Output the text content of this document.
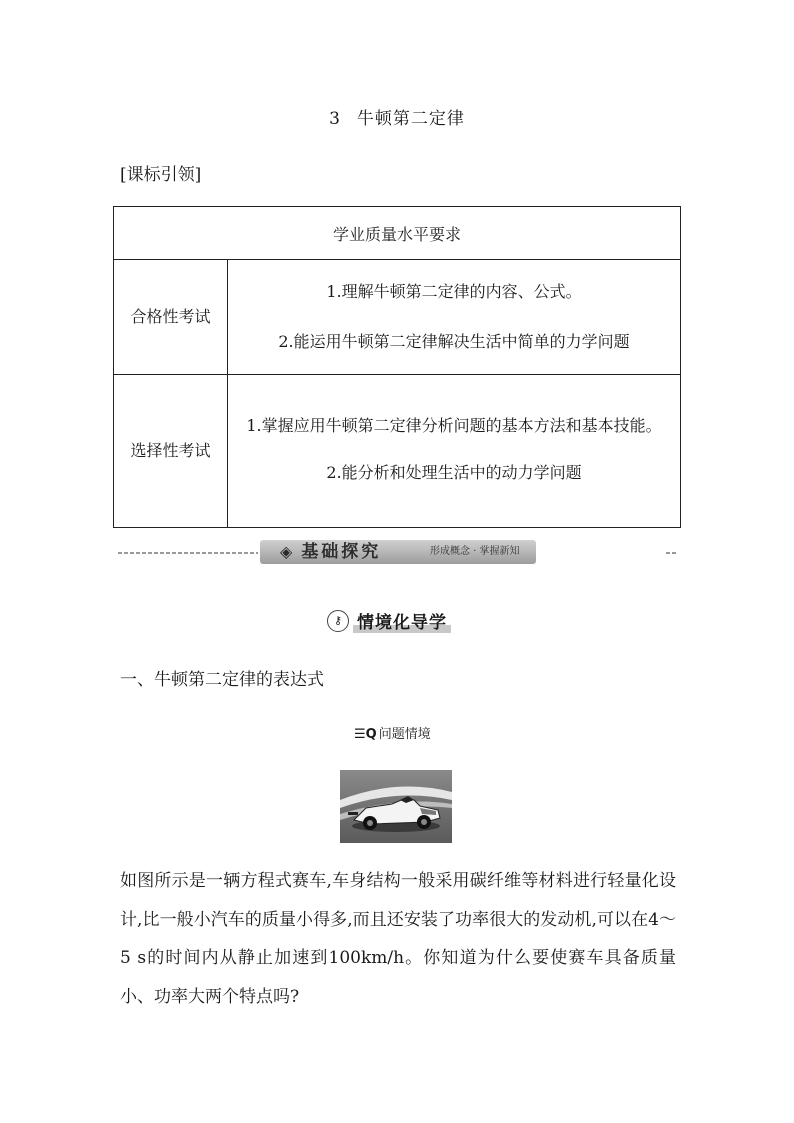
3 牛顿第二定律
[课标引领]
学业质量水平要求	
合格性考试	1.理解牛顿第二定律的内容、公式。
2.能运用牛顿第二定律解决生活中简单的力学问题

选择性考试	1.掌握应用牛顿第二定律分析问题的基本方法和基本技能。
2.能分析和处理生活中的动力学问题
◈ 基础探究	形成概念 · 掌握新知
⚷ 情境化导学
一、牛顿第二定律的表达式
☰Q 问题情境
如图所示是一辆方程式赛车,车身结构一般采用碳纤维等材料进行轻量化设计,比一般小汽车的质量小得多,而且还安装了功率很大的发动机,可以在4～5 s的时间内从静止加速到100km/h。你知道为什么要使赛车具备质量小、功率大两个特点吗?
